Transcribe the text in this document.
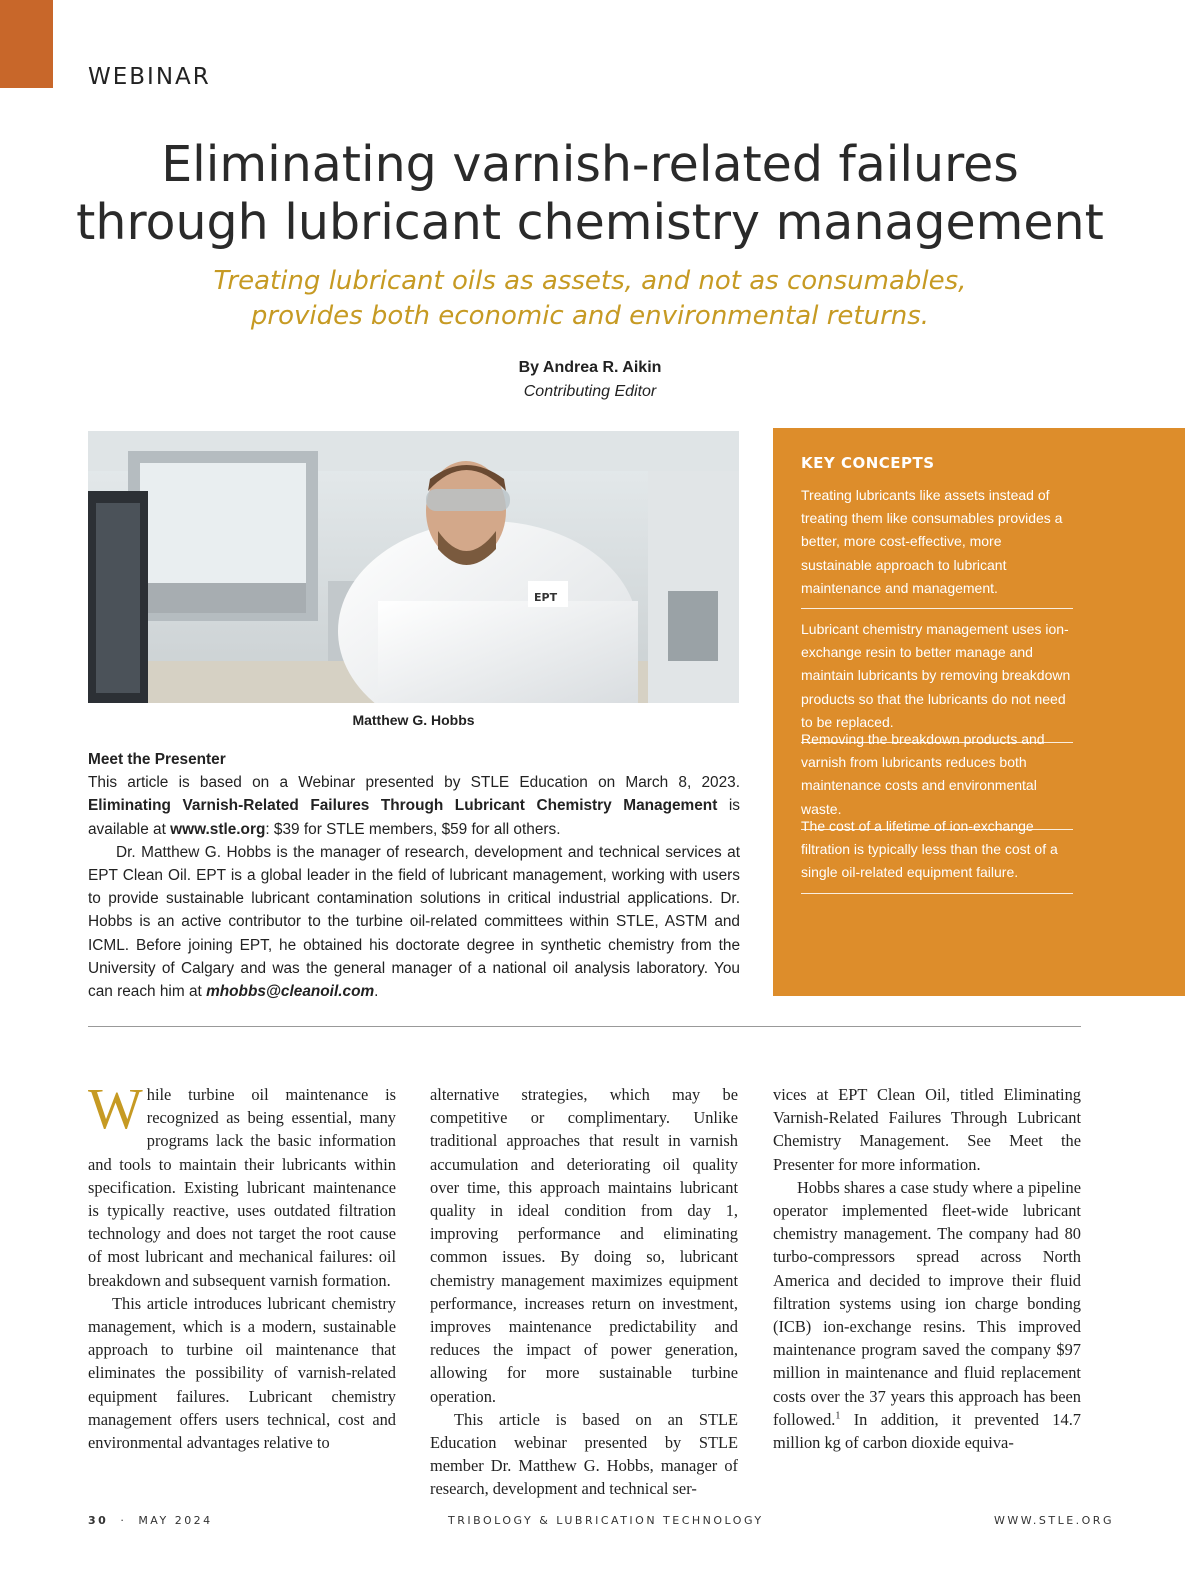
WEBINAR
Eliminating varnish-related failures
through lubricant chemistry management
Treating lubricant oils as assets, and not as consumables,
provides both economic and environmental returns.
By Andrea R. Aikin
Contributing Editor
EPT
Matthew G. Hobbs
Meet the Presenter

This article is based on a Webinar presented by STLE Education on March 8, 2023. Eliminating Varnish-Related Failures Through Lubricant Chemistry Management is available at www.stle.org: $39 for STLE members, $59 for all others.

Dr. Matthew G. Hobbs is the manager of research, development and technical services at EPT Clean Oil. EPT is a global leader in the field of lubricant management, working with users to provide sustainable lubricant contamination solutions in critical industrial applications. Dr. Hobbs is an active contributor to the turbine oil-related committees within STLE, ASTM and ICML. Before joining EPT, he obtained his doctorate degree in synthetic chemistry from the University of Calgary and was the general manager of a national oil analysis laboratory. You can reach him at mhobbs@cleanoil.com.

KEY CONCEPTS
Treating lubricants like assets instead of treating them like consumables provides a better, more cost-effective, more sustainable approach to lubricant maintenance and management.
Lubricant chemistry management uses ion-exchange resin to better manage and maintain lubricants by removing breakdown products so that the lubricants do not need to be replaced.
Removing the breakdown products and varnish from lubricants reduces both maintenance costs and environmental waste.
The cost of a lifetime of ion-exchange filtration is typically less than the cost of a single oil-related equipment failure.

While turbine oil maintenance is recognized as being essential, many programs lack the basic information and tools to maintain their lubricants within specification. Existing lubricant maintenance is typically reactive, uses outdated filtration technology and does not target the root cause of most lubricant and mechanical failures: oil breakdown and subsequent varnish formation.

This article introduces lubricant chemistry management, which is a modern, sustainable approach to turbine oil maintenance that eliminates the possibility of varnish-related equipment failures. Lubricant chemistry management offers users technical, cost and environmental advantages relative to

alternative strategies, which may be competitive or complimentary. Unlike traditional approaches that result in varnish accumulation and deteriorating oil quality over time, this approach maintains lubricant quality in ideal condition from day 1, improving performance and eliminating common issues. By doing so, lubricant chemistry management maximizes equipment performance, increases return on investment, improves maintenance predictability and reduces the impact of power generation, allowing for more sustainable turbine operation.

This article is based on an STLE Education webinar presented by STLE member Dr. Matthew G. Hobbs, manager of research, development and technical ser-

vices at EPT Clean Oil, titled Eliminating Varnish-Related Failures Through Lubricant Chemistry Management. See Meet the Presenter for more information.

Hobbs shares a case study where a pipeline operator implemented fleet-wide lubricant chemistry management. The company had 80 turbo-compressors spread across North America and decided to improve their fluid filtration systems using ion charge bonding (ICB) ion-exchange resins. This improved maintenance program saved the company $97 million in maintenance and fluid replacement costs over the 37 years this approach has been followed.$^1$ In addition, it prevented 14.7 million kg of carbon dioxide equiva-

30 · MAY 2024	TRIBOLOGY & LUBRICATION TECHNOLOGY	WWW.STLE.ORG
